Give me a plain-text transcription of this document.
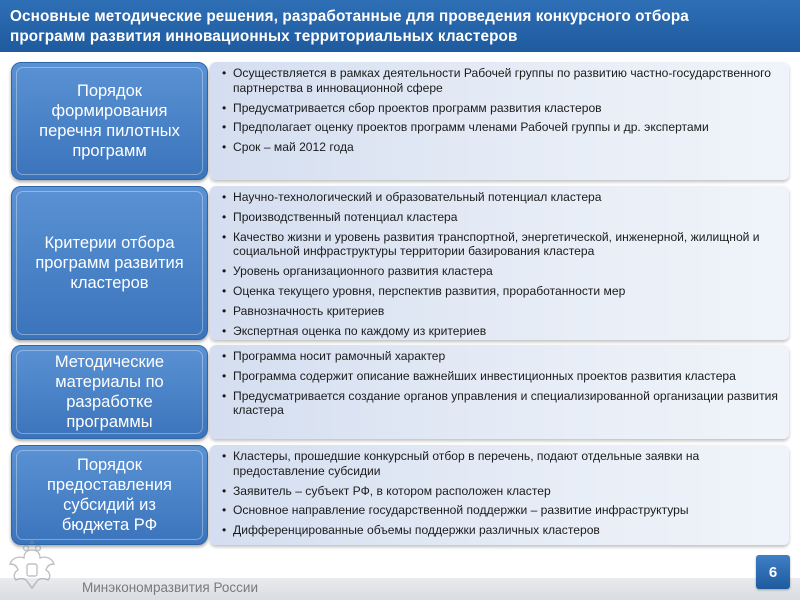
Основные методические решения, разработанные для проведения конкурсного отбора
программ развития инновационных территориальных кластеров
Порядок
формирования
перечня пилотных
программ
• Осуществляется в рамках деятельности Рабочей группы по развитию частно-государственного партнерства в инновационной сфере
• Предусматривается сбор проектов программ развития кластеров
• Предполагает оценку проектов программ членами Рабочей группы и др. экспертами
• Срок – май 2012 года
Критерии отбора
программ развития
кластеров
• Научно-технологический и образовательный потенциал кластера
• Производственный потенциал кластера
• Качество жизни и уровень развития транспортной, энергетической, инженерной, жилищной и социальной инфраструктуры территории базирования кластера
• Уровень организационного развития кластера
• Оценка текущего уровня, перспектив развития, проработанности мер
• Равнозначность критериев
• Экспертная оценка по каждому из критериев
Методические
материалы по
разработке
программы
• Программа носит рамочный характер
• Программа содержит описание важнейших инвестиционных проектов развития кластера
• Предусматривается создание органов управления и специализированной организации развития кластера
Порядок
предоставления
субсидий из
бюджета РФ
• Кластеры, прошедшие конкурсный отбор в перечень, подают отдельные заявки на предоставление субсидии
• Заявитель – субъект РФ, в котором расположен кластер
• Основное направление государственной поддержки – развитие инфраструктуры
• Дифференцированные объемы поддержки различных кластеров
Минэкономразвития России
6
